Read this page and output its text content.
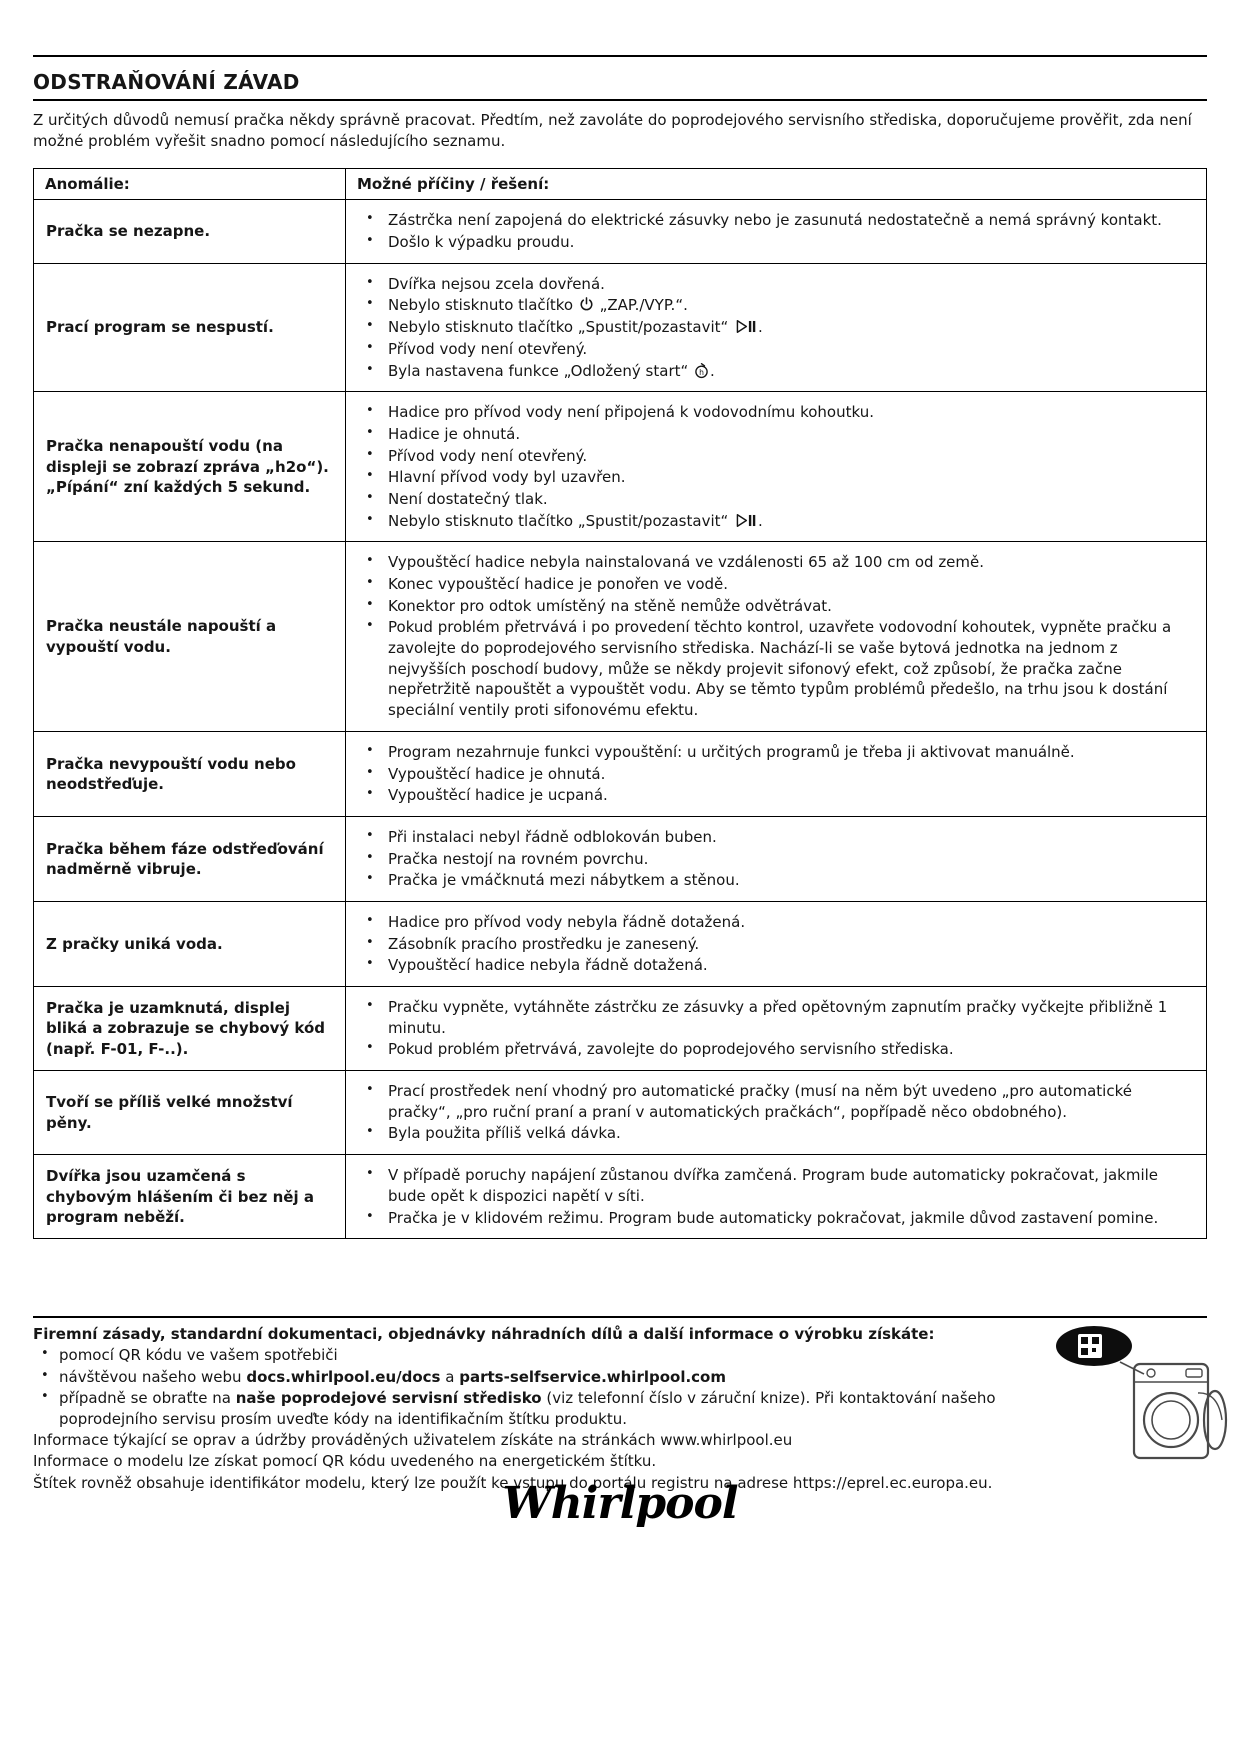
ODSTRAŇOVÁNÍ ZÁVAD

Z určitých důvodů nemusí pračka někdy správně pracovat. Předtím, než zavoláte do poprodejového servisního střediska, doporučujeme prověřit, zda není možné problém vyřešit snadno pomocí následujícího seznamu.

Anomálie:	Možné příčiny / řešení:
Pračka se nezapne.	
• Zástrčka není zapojená do elektrické zásuvky nebo je zasunutá nedostatečně a nemá správný kontakt.
• Došlo k výpadku proudu.

Prací program se nespustí.	
• Dvířka nejsou zcela dovřená.
• Nebylo stisknuto tlačítko  „ZAP./VYP.“.
• Nebylo stisknuto tlačítko „Spustit/pozastavit“ .
• Přívod vody není otevřený.
• Byla nastavena funkce „Odložený start“ h .

Pračka nenapouští vodu (na displeji se zobrazí zpráva „h2o“). „Pípání“ zní každých 5 sekund.	
• Hadice pro přívod vody není připojená k vodovodnímu kohoutku.
• Hadice je ohnutá.
• Přívod vody není otevřený.
• Hlavní přívod vody byl uzavřen.
• Není dostatečný tlak.
• Nebylo stisknuto tlačítko „Spustit/pozastavit“ .

Pračka neustále napouští a vypouští vodu.	
• Vypouštěcí hadice nebyla nainstalovaná ve vzdálenosti 65 až 100 cm od země.
• Konec vypouštěcí hadice je ponořen ve vodě.
• Konektor pro odtok umístěný na stěně nemůže odvětrávat.
• Pokud problém přetrvává i po provedení těchto kontrol, uzavřete vodovodní kohoutek, vypněte pračku a zavolejte do poprodejového servisního střediska. Nachází-li se vaše bytová jednotka na jednom z nejvyšších poschodí budovy, může se někdy projevit sifonový efekt, což způsobí, že pračka začne nepřetržitě napouštět a vypouštět vodu. Aby se těmto typům problémů předešlo, na trhu jsou k dostání speciální ventily proti sifonovému efektu.

Pračka nevypouští vodu nebo neodstřeďuje.	
• Program nezahrnuje funkci vypouštění: u určitých programů je třeba ji aktivovat manuálně.
• Vypouštěcí hadice je ohnutá.
• Vypouštěcí hadice je ucpaná.

Pračka během fáze odstřeďování nadměrně vibruje.	
• Při instalaci nebyl řádně odblokován buben.
• Pračka nestojí na rovném povrchu.
• Pračka je vmáčknutá mezi nábytkem a stěnou.

Z pračky uniká voda.	
• Hadice pro přívod vody nebyla řádně dotažená.
• Zásobník pracího prostředku je zanesený.
• Vypouštěcí hadice nebyla řádně dotažená.

Pračka je uzamknutá, displej bliká a zobrazuje se chybový kód (např. F-01, F-..).	
• Pračku vypněte, vytáhněte zástrčku ze zásuvky a před opětovným zapnutím pračky vyčkejte přibližně 1 minutu.
• Pokud problém přetrvává, zavolejte do poprodejového servisního střediska.

Tvoří se příliš velké množství pěny.	
• Prací prostředek není vhodný pro automatické pračky (musí na něm být uvedeno „pro automatické pračky“, „pro ruční praní a praní v automatických pračkách“, popřípadě něco obdobného).
• Byla použita příliš velká dávka.

Dvířka jsou uzamčená s chybovým hlášením či bez něj a program neběží.	
• V případě poruchy napájení zůstanou dvířka zamčená. Program bude automaticky pokračovat, jakmile bude opět k dispozici napětí v síti.
• Pračka je v klidovém režimu. Program bude automaticky pokračovat, jakmile důvod zastavení pomine.
Firemní zásady, standardní dokumentaci, objednávky náhradních dílů a další informace o výrobku získáte:
• pomocí QR kódu ve vašem spotřebiči
• návštěvou našeho webu docs.whirlpool.eu/docs a parts-selfservice.whirlpool.com
• případně se obraťte na naše poprodejové servisní středisko (viz telefonní číslo v záruční knize). Při kontaktování našeho poprodejního servisu prosím uveďte kódy na identifikačním štítku produktu.
Informace týkající se oprav a údržby prováděných uživatelem získáte na stránkách www.whirlpool.eu
Informace o modelu lze získat pomocí QR kódu uvedeného na energetickém štítku.
Štítek rovněž obsahuje identifikátor modelu, který lze použít ke vstupu do portálu registru na adrese https://eprel.ec.europa.eu.
Whirlpool
